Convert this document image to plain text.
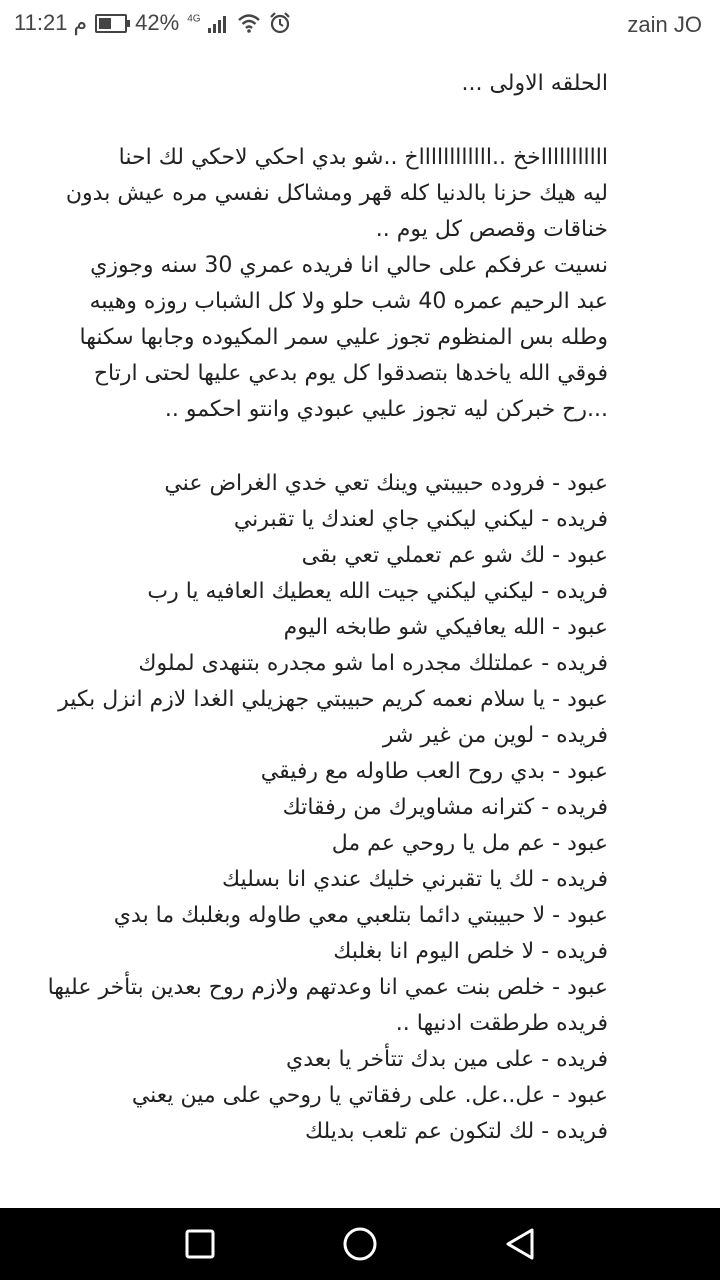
11:21 م 42% $^{4G}$	zain JO
الحلقه الاولى ...
اااااااااااخخ ..ااااااااااااخ ..شو بدي احكي لاحكي لك احنا
ليه هيك حزنا بالدنيا كله قهر ومشاكل نفسي مره عيش بدون
خناقات وقصص كل يوم ..
نسيت عرفكم على حالي انا فريده عمري 30 سنه وجوزي
عبد الرحيم عمره 40 شب حلو ولا كل الشباب روزه وهيبه
وطله بس المنظوم تجوز عليي سمر المكيوده وجابها سكنها
فوقي الله ياخدها بتصدقوا كل يوم بدعي عليها لحتى ارتاح
...رح خبركن ليه تجوز عليي عبودي وانتو احكمو ..
عبود - فروده حبيبتي وينك تعي خدي الغراض عني
فريده - ليكني ليكني جاي لعندك يا تقبرني
عبود - لك شو عم تعملي تعي بقى
فريده - ليكني ليكني جيت الله يعطيك العافيه يا رب
عبود - الله يعافيكي شو طابخه اليوم
فريده - عملتلك مجدره اما شو مجدره بتنهدى لملوك
عبود - يا سلام نعمه كريم حبيبتي جهزيلي الغدا لازم انزل بكير
فريده - لوين من غير شر
عبود - بدي روح العب طاوله مع رفيقي
فريده - كترانه مشاويرك من رفقاتك
عبود - عم مل يا روحي عم مل
فريده - لك يا تقبرني خليك عندي انا بسليك
عبود - لا حبيبتي دائما بتلعبي معي طاوله وبغلبك ما بدي
فريده - لا خلص اليوم انا بغلبك
عبود - خلص بنت عمي انا وعدتهم ولازم روح بعدين بتأخر عليها
فريده طرطقت ادنيها ..
فريده - على مين بدك تتأخر يا بعدي
عبود - عل..عل. على رفقاتي يا روحي على مين يعني
فريده - لك لتكون عم تلعب بديلك
